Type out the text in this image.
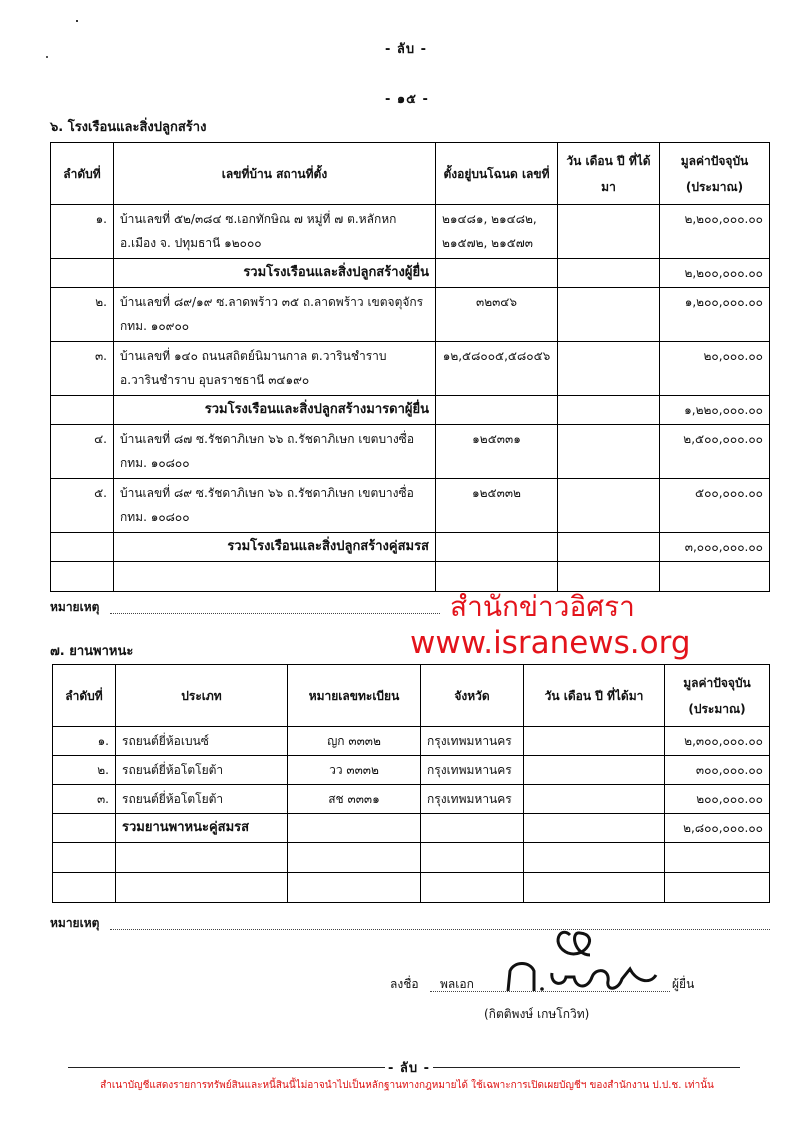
- ลับ -
- ๑๕ -
๖. โรงเรือนและสิ่งปลูกสร้าง
ลำดับที่	เลขที่บ้าน สถานที่ตั้ง	ตั้งอยู่บนโฉนด เลขที่	วัน เดือน ปี ที่ได้มา	มูลค่าปัจจุบัน (ประมาณ)
๑.	บ้านเลขที่ ๕๒/๓๘๔ ซ.เอกทักษิณ ๗ หมู่ที่ ๗ ต.หลักหก อ.เมือง จ. ปทุมธานี ๑๒๐๐๐	๒๑๔๘๑, ๒๑๔๘๒, ๒๑๕๗๒, ๒๑๕๗๓		๒,๒๐๐,๐๐๐.๐๐
	รวมโรงเรือนและสิ่งปลูกสร้างผู้ยื่น			๒,๒๐๐,๐๐๐.๐๐
๒.	บ้านเลขที่ ๘๙/๑๙ ซ.ลาดพร้าว ๓๕ ถ.ลาดพร้าว เขตจตุจักร กทม. ๑๐๙๐๐	๓๒๓๔๖		๑,๒๐๐,๐๐๐.๐๐
๓.	บ้านเลขที่ ๑๔๐ ถนนสถิตย์นิมานกาล ต.วารินชำราบ อ.วารินชำราบ อุบลราชธานี ๓๔๑๙๐	๑๒,๕๘๐๐๕,๕๘๐๕๖		๒๐,๐๐๐.๐๐
	รวมโรงเรือนและสิ่งปลูกสร้างมารดาผู้ยื่น			๑,๒๒๐,๐๐๐.๐๐
๔.	บ้านเลขที่ ๘๗ ซ.รัชดาภิเษก ๖๖ ถ.รัชดาภิเษก เขตบางซื่อ กทม. ๑๐๘๐๐	๑๒๕๓๓๑		๒,๕๐๐,๐๐๐.๐๐
๕.	บ้านเลขที่ ๘๙ ซ.รัชดาภิเษก ๖๖ ถ.รัชดาภิเษก เขตบางซื่อ กทม. ๑๐๘๐๐	๑๒๕๓๓๒		๕๐๐,๐๐๐.๐๐
	รวมโรงเรือนและสิ่งปลูกสร้างคู่สมรส			๓,๐๐๐,๐๐๐.๐๐

หมายเหตุ	สำนักข่าวอิศรา
www.isranews.org
๗. ยานพาหนะ
ลำดับที่	ประเภท	หมายเลขทะเบียน	จังหวัด	วัน เดือน ปี ที่ได้มา	มูลค่าปัจจุบัน (ประมาณ)
๑.	รถยนต์ยี่ห้อเบนซ์	ญก ๓๓๓๒	กรุงเทพมหานคร		๒,๓๐๐,๐๐๐.๐๐
๒.	รถยนต์ยี่ห้อโตโยต้า	วว ๓๓๓๒	กรุงเทพมหานคร		๓๐๐,๐๐๐.๐๐
๓.	รถยนต์ยี่ห้อโตโยต้า	สช ๓๓๓๑	กรุงเทพมหานคร		๒๐๐,๐๐๐.๐๐
	รวมยานพาหนะคู่สมรส				๒,๘๐๐,๐๐๐.๐๐

หมายเหตุ
ลงชื่อ พลเอก	ผู้ยื่น
(กิตติพงษ์ เกษโกวิท)
- ลับ -
สำเนาบัญชีแสดงรายการทรัพย์สินและหนี้สินนี้ไม่อาจนำไปเป็นหลักฐานทางกฎหมายได้ ใช้เฉพาะการเปิดเผยบัญชีฯ ของสำนักงาน ป.ป.ช. เท่านั้น
